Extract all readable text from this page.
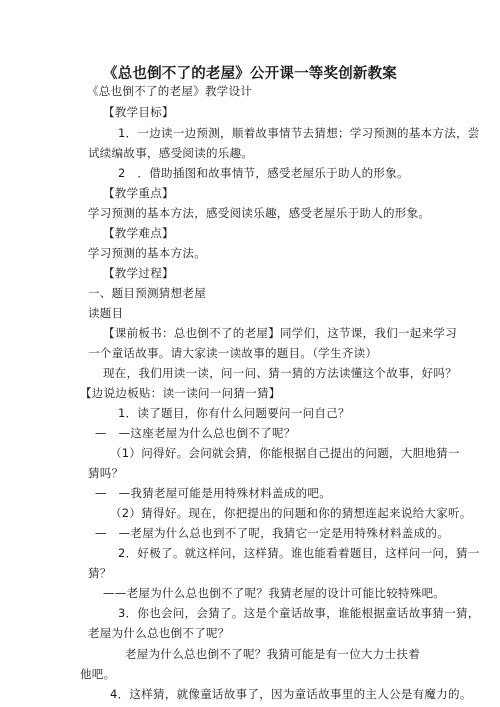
《总也倒不了的老屋》公开课一等奖创新教案
《总也倒不了的老屋》教学设计
【教学目标】
1．一边读一边预测，顺着故事情节去猜想；学习预测的基本方法，尝
试续编故事，感受阅读的乐趣。
2　．借助插图和故事情节，感受老屋乐于助人的形象。
【教学重点】
学习预测的基本方法，感受阅读乐趣，感受老屋乐于助人的形象。
【教学难点】
学习预测的基本方法。
【教学过程】
一、题目预测猜想老屋
读题目
【课前板书：总也倒不了的老屋】同学们，这节课，我们一起来学习
一个童话故事。请大家读一读故事的题目。（学生齐读）
现在，我们用读一读，问一问、猜一猜的方法读懂这个故事，好吗？
【边说边板贴：读一读问一问猜一猜】
1．读了题目，你有什么问题要问一问自己？
—　—这座老屋为什么总也倒不了呢？
（1）问得好。会问就会猜，你能根据自己提出的问题，大胆地猜一
猜吗？
—　—我猜老屋可能是用特殊材料盖成的吧。
（2）猜得好。现在，你把提出的问题和你的猜想连起来说给大家听。
—　—老屋为什么总也到不了呢，我猜它一定是用特殊材料盖成的。
2．好极了。就这样问，这样猜。谁也能看着题目，这样问一问，猜一
猜？
——老屋为什么总也倒不了呢？我猜老屋的设计可能比较特殊吧。
3．你也会问，会猜了。这是个童话故事，谁能根据童话故事猜一猜，
老屋为什么总也倒不了呢？
老屋为什么总也倒不了呢？我猜可能是有一位大力士扶着
他吧。
4．这样猜，就像童话故事了，因为童话故事里的主人公是有魔力的。
